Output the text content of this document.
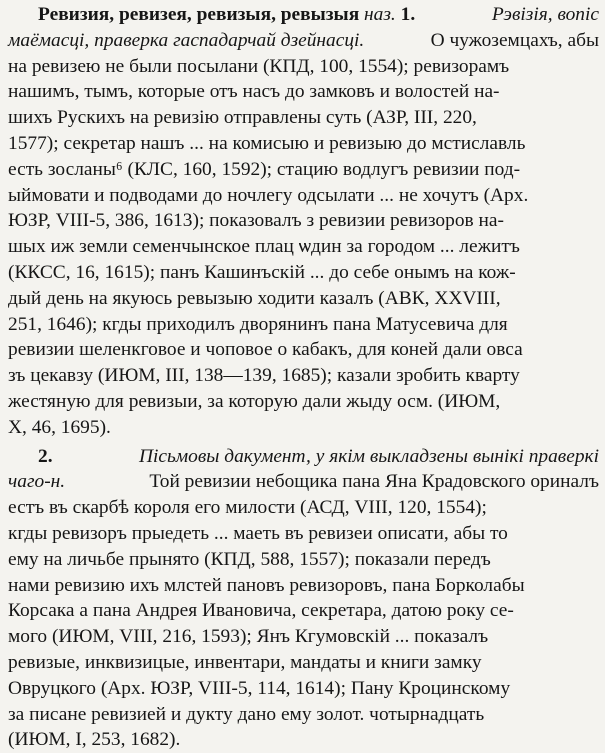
Ревизия, ревизея, ревизыя, ревызыя наз. 1.	Рэвізія, вопіс
маёмасці, праверка гаспадарчай дзейнасці.	О чужоземцахъ, абы
на ревизею не были посылани (КПД, 100, 1554); ревизорамъ
нашимъ, тымъ, которые отъ насъ до замковъ и волостей на-
шихъ Рускихъ на ревизію отправлены суть (АЗР, III, 220,
1577); секретар нашъ ... на комисыю и ревизыю до мстиславль
есть зосланы⁶ (КЛС, 160, 1592); стацию водлугъ ревизии под-
ыймовати и подводами до ночлегу одсылати ... не хочутъ (Арх.
ЮЗР, VIII-5, 386, 1613); показовалъ з ревизии ревизоров на-
шых иж земли семенчынское плац ѡдин за городом ... лежитъ
(ККСС, 16, 1615); панъ Кашинъскій ... до себе онымъ на кож-
дый день на якуюсь ревызыю ходити казалъ (АВК, XXVIII,
251, 1646); кгды приходилъ дворянинъ пана Матусевича для
ревизии шеленкговое и чоповое о кабакъ, для коней дали овса
зъ цекавзу (ИЮМ, III, 138—139, 1685); казали зробить кварту
жестяную для ревизыи, за которую дали жыду осм. (ИЮМ,
X, 46, 1695).
2.	Пісьмовы дакумент, у якім выкладзены вынікі праверкі
чаго-н.	Той ревизии небощика пана Яна Крадовского ориналъ
естъ въ скарбѣ короля его милости (АСД, VIII, 120, 1554);
кгды ревизоръ прыедеть ... маеть въ ревизеи описати, абы то
ему на личьбе прынято (КПД, 588, 1557); показали передъ
нами ревизию ихъ млстей пановъ ревизоровъ, пана Борколабы
Корсака а пана Андрея Ивановича, секретара, датою року се-
мого (ИЮМ, VIII, 216, 1593); Янъ Кгумовскій ... показалъ
ревизые, инквизицые, инвентари, мандаты и книги замку
Овруцкого (Арх. ЮЗР, VIII-5, 114, 1614); Пану Кроцинскому
за писане ревизией и дукту дано ему золот. чотырнадцать
(ИЮМ, I, 253, 1682).
